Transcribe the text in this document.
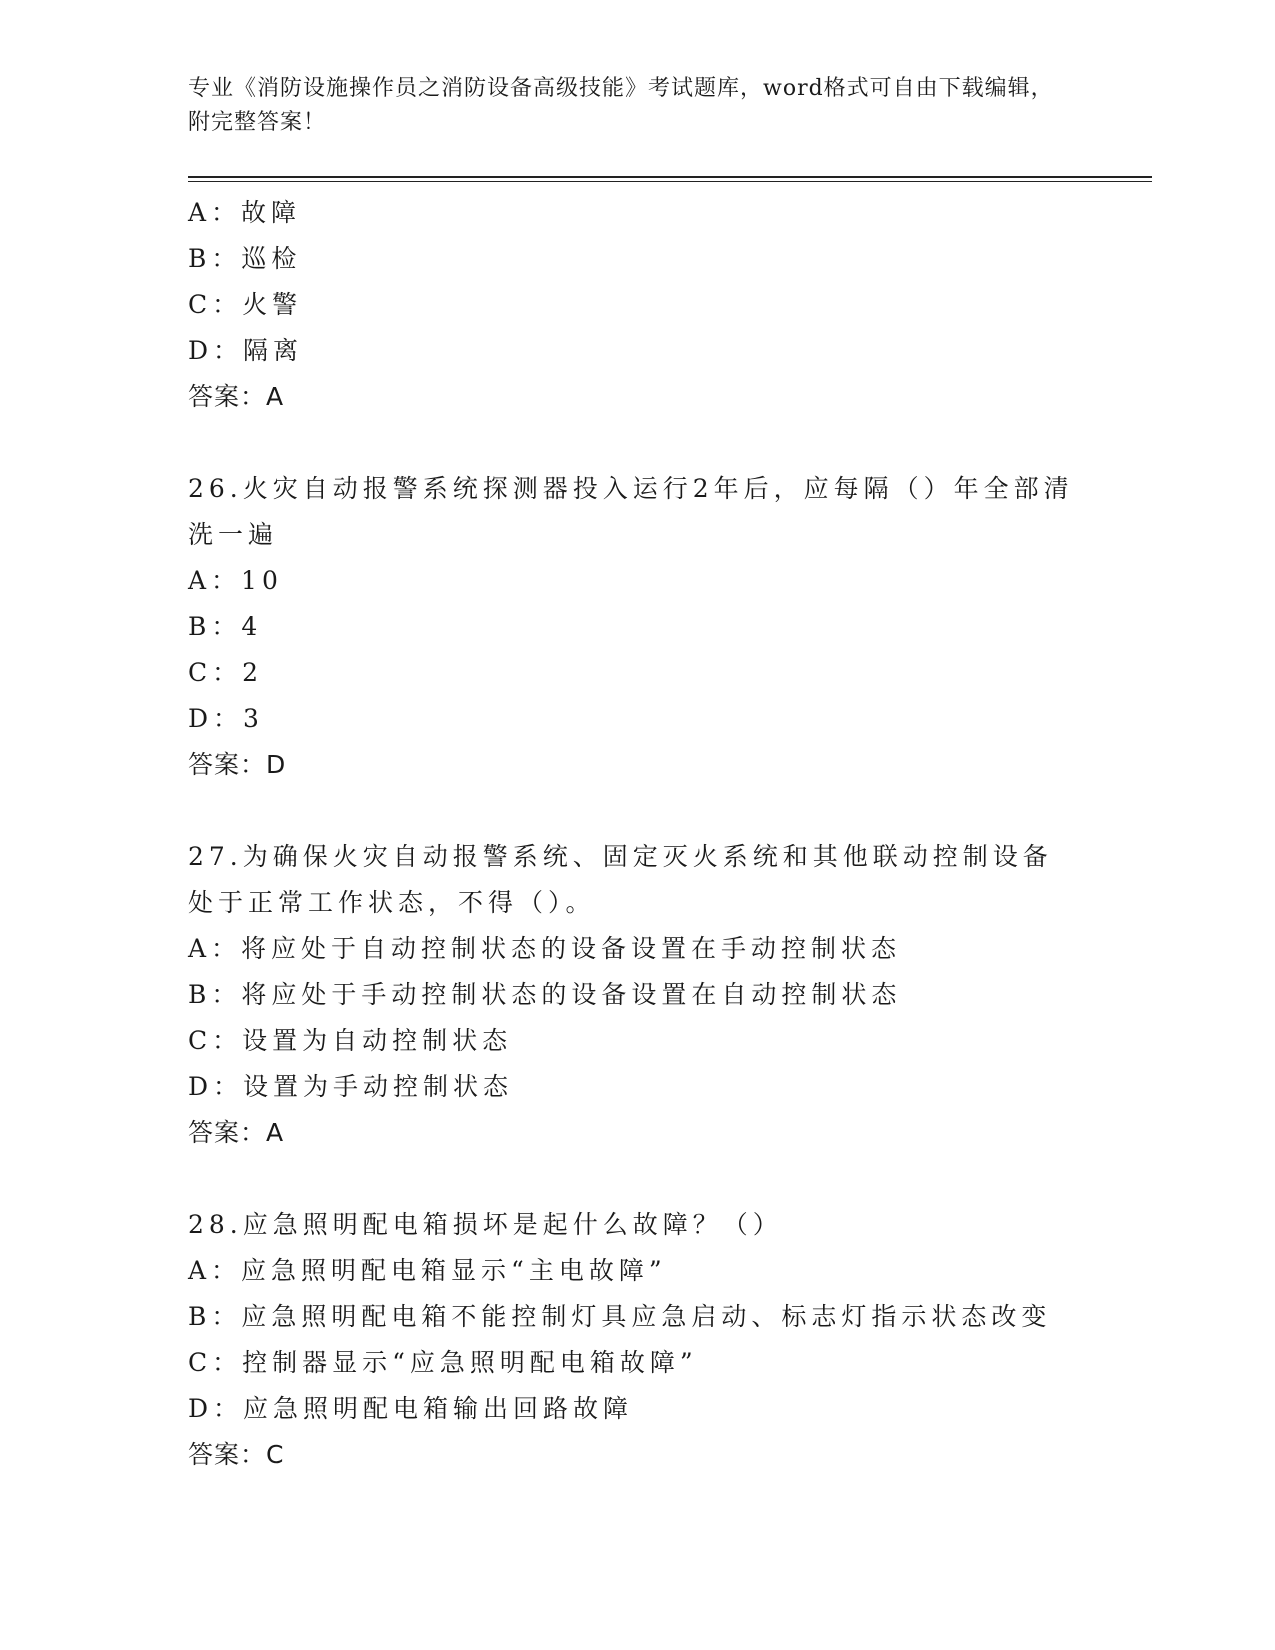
专业《消防设施操作员之消防设备高级技能》考试题库，word格式可自由下载编辑，附完整答案！
A：故障
B：巡检
C：火警
D：隔离
答案：A
26.火灾自动报警系统探测器投入运行2年后，应每隔（）年全部清洗一遍
A：10
B：4
C：2
D：3
答案：D
27.为确保火灾自动报警系统、固定灭火系统和其他联动控制设备处于正常工作状态，不得（）。
A：将应处于自动控制状态的设备设置在手动控制状态
B：将应处于手动控制状态的设备设置在自动控制状态
C：设置为自动控制状态
D：设置为手动控制状态
答案：A
28.应急照明配电箱损坏是起什么故障？（）
A：应急照明配电箱显示“主电故障”
B：应急照明配电箱不能控制灯具应急启动、标志灯指示状态改变
C：控制器显示“应急照明配电箱故障”
D：应急照明配电箱输出回路故障
答案：C
